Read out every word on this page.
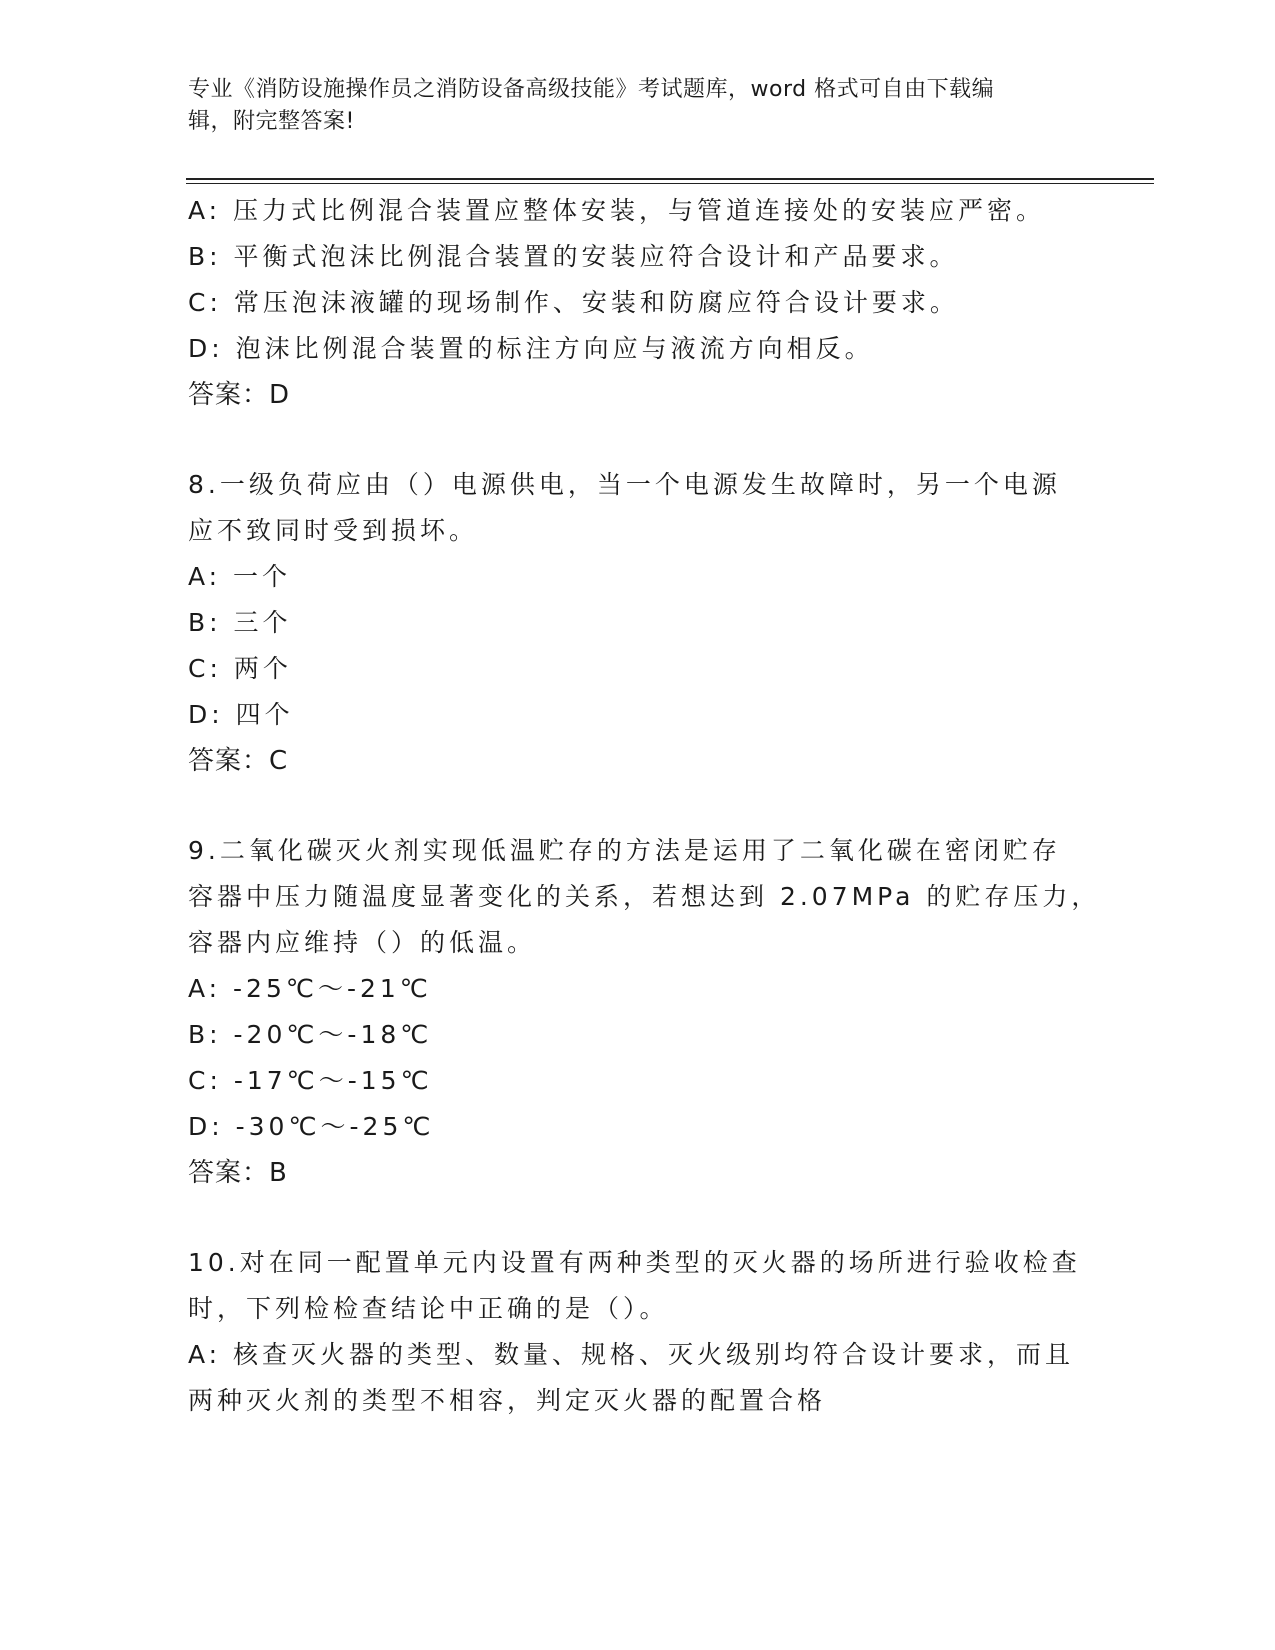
专业《消防设施操作员之消防设备高级技能》考试题库，word 格式可自由下载编
辑，附完整答案!
A: 压力式比例混合装置应整体安装，与管道连接处的安装应严密。
B: 平衡式泡沫比例混合装置的安装应符合设计和产品要求。
C: 常压泡沫液罐的现场制作、安装和防腐应符合设计要求。
D: 泡沫比例混合装置的标注方向应与液流方向相反。
答案：D
8.一级负荷应由（）电源供电，当一个电源发生故障时，另一个电源
应不致同时受到损坏。
A: 一个
B: 三个
C: 两个
D: 四个
答案：C
9.二氧化碳灭火剂实现低温贮存的方法是运用了二氧化碳在密闭贮存
容器中压力随温度显著变化的关系，若想达到 2.07MPa 的贮存压力，
容器内应维持（）的低温。
A: -25℃～-21℃
B: -20℃～-18℃
C: -17℃～-15℃
D: -30℃～-25℃
答案：B
10.对在同一配置单元内设置有两种类型的灭火器的场所进行验收检查
时，下列检检查结论中正确的是（）。
A: 核查灭火器的类型、数量、规格、灭火级别均符合设计要求，而且
两种灭火剂的类型不相容，判定灭火器的配置合格
